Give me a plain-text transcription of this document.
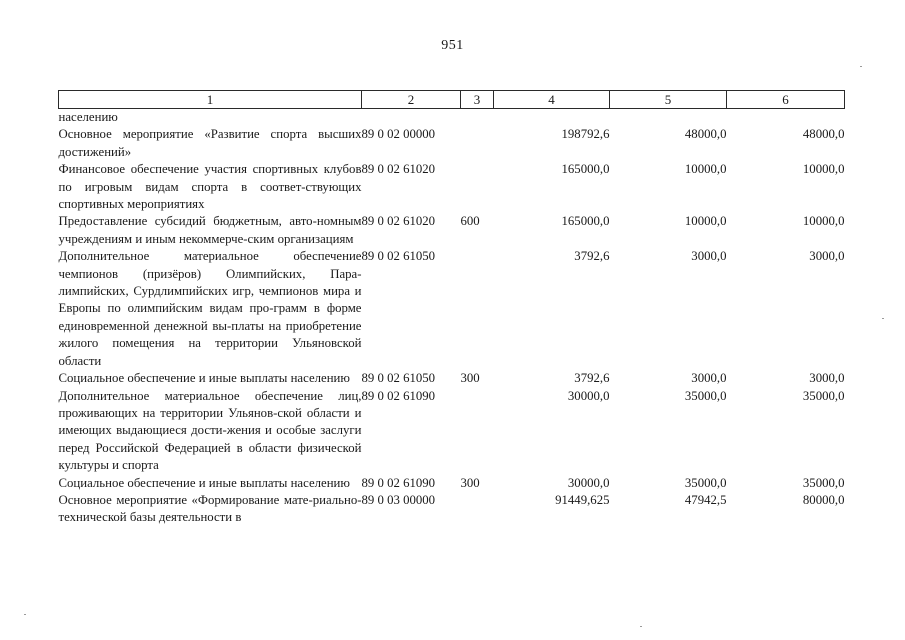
951
1	2	3	4	5	6
населению					
Основное мероприятие «Развитие спорта высших достижений»	89 0 02 00000		198792,6	48000,0	48000,0
Финансовое обеспечение участия спортивных клубов по игровым видам спорта в соответ-ствующих спортивных мероприятиях	89 0 02 61020		165000,0	10000,0	10000,0
Предоставление субсидий бюджетным, авто-номным учреждениям и иным некоммерче-ским организациям	89 0 02 61020	600	165000,0	10000,0	10000,0
Дополнительное материальное обеспечение чемпионов (призёров) Олимпийских, Пара-лимпийских, Сурдлимпийских игр, чемпионов мира и Европы по олимпийским видам про-грамм в форме единовременной денежной вы-платы на приобретение жилого помещения на территории Ульяновской области	89 0 02 61050		3792,6	3000,0	3000,0
Социальное обеспечение и иные выплаты населению	89 0 02 61050	300	3792,6	3000,0	3000,0
Дополнительное материальное обеспечение лиц, проживающих на территории Ульянов-ской области и имеющих выдающиеся дости-жения и особые заслуги перед Российской Федерацией в области физической культуры и спорта	89 0 02 61090		30000,0	35000,0	35000,0
Социальное обеспечение и иные выплаты населению	89 0 02 61090	300	30000,0	35000,0	35000,0
Основное мероприятие «Формирование мате-риально-технической базы деятельности в	89 0 03 00000		91449,625	47942,5	80000,0
